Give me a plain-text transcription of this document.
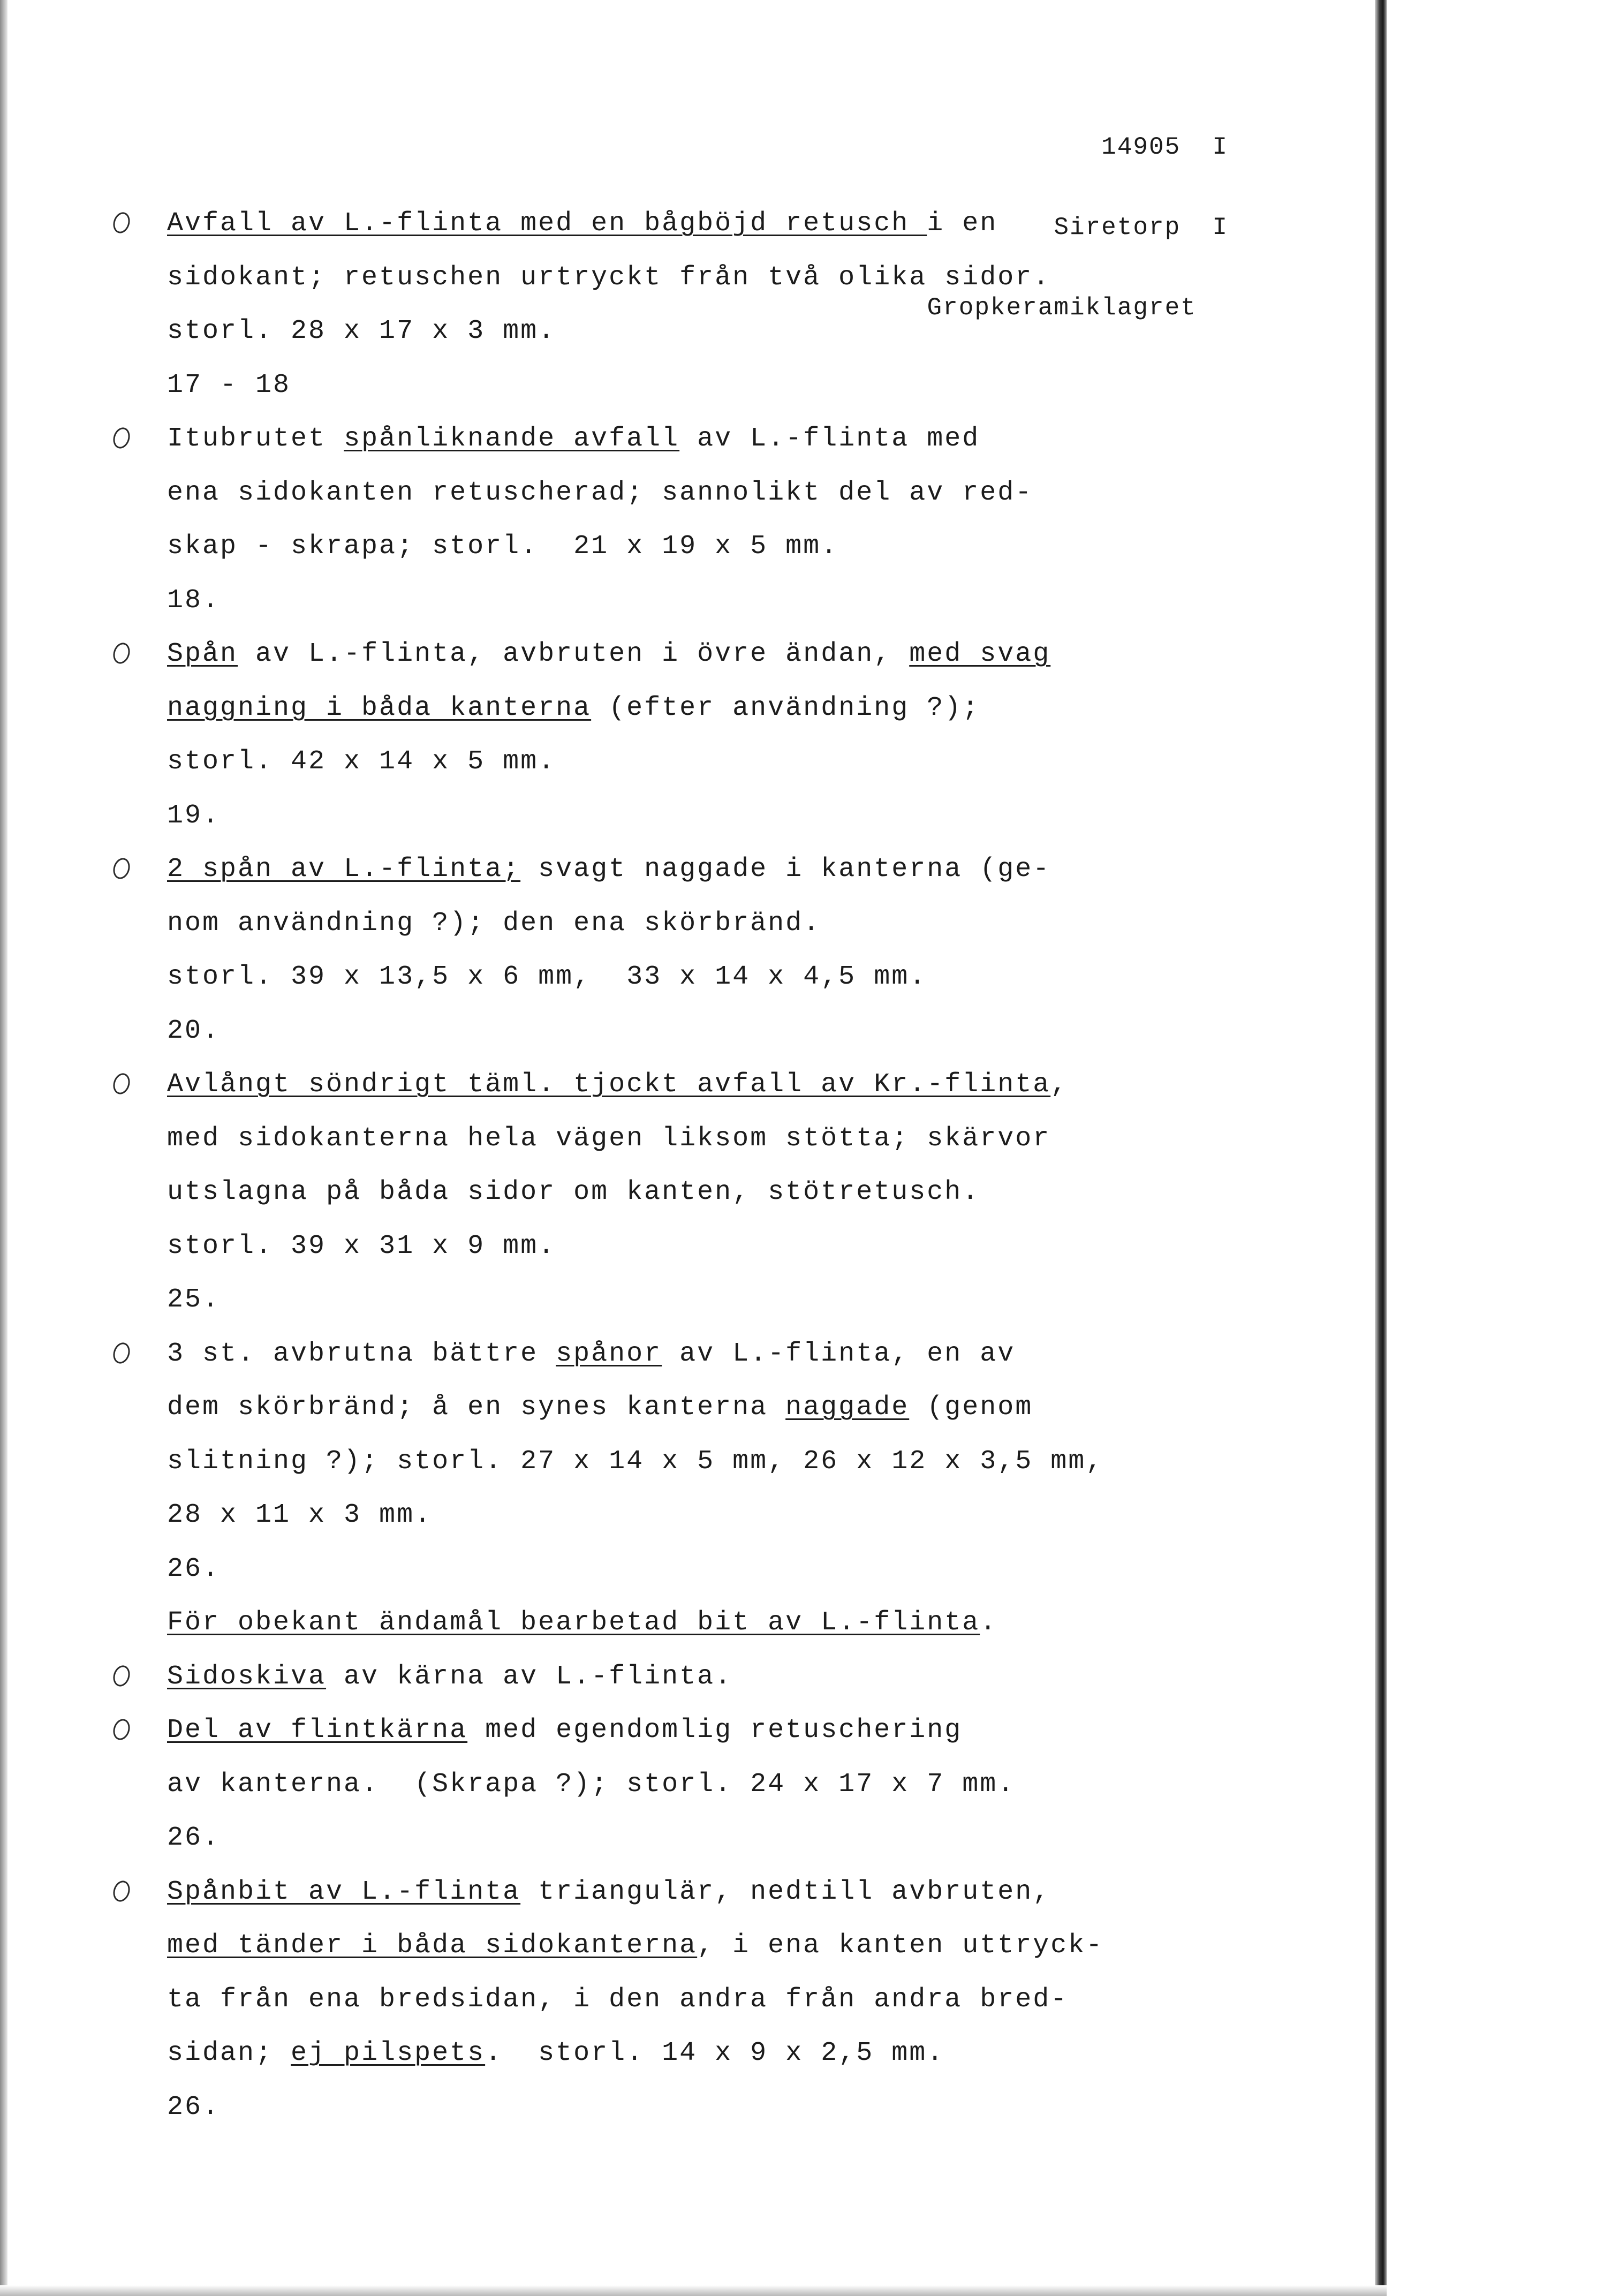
14905  I

Siretorp  I

Gropkeramiklagret

Avfall av L.-flinta med en bågböjd retusch i en
sidokant; retuschen urtryckt från två olika sidor.
storl. 28 x 17 x 3 mm.
17 - 18
Itubrutet spånliknande avfall av L.-flinta med
ena sidokanten retuscherad; sannolikt del av red-
skap - skrapa; storl.  21 x 19 x 5 mm.
18.
Spån av L.-flinta, avbruten i övre ändan, med svag
naggning i båda kanterna (efter användning ?);
storl. 42 x 14 x 5 mm.
19.
2 spån av L.-flinta; svagt naggade i kanterna (ge-
nom användning ?); den ena skörbränd.
storl. 39 x 13,5 x 6 mm,  33 x 14 x 4,5 mm.
20.
Avlångt söndrigt täml. tjockt avfall av Kr.-flinta,
med sidokanterna hela vägen liksom stötta; skärvor
utslagna på båda sidor om kanten, stötretusch.
storl. 39 x 31 x 9 mm.
25.
3 st. avbrutna bättre spånor av L.-flinta, en av
dem skörbränd; å en synes kanterna naggade (genom
slitning ?); storl. 27 x 14 x 5 mm, 26 x 12 x 3,5 mm,
28 x 11 x 3 mm.
26.
För obekant ändamål bearbetad bit av L.-flinta.
Sidoskiva av kärna av L.-flinta.
Del av flintkärna med egendomlig retuschering
av kanterna.  (Skrapa ?); storl. 24 x 17 x 7 mm.
26.
Spånbit av L.-flinta triangulär, nedtill avbruten,
med tänder i båda sidokanterna, i ena kanten uttryck-
ta från ena bredsidan, i den andra från andra bred-
sidan; ej pilspets.  storl. 14 x 9 x 2,5 mm.
26.
